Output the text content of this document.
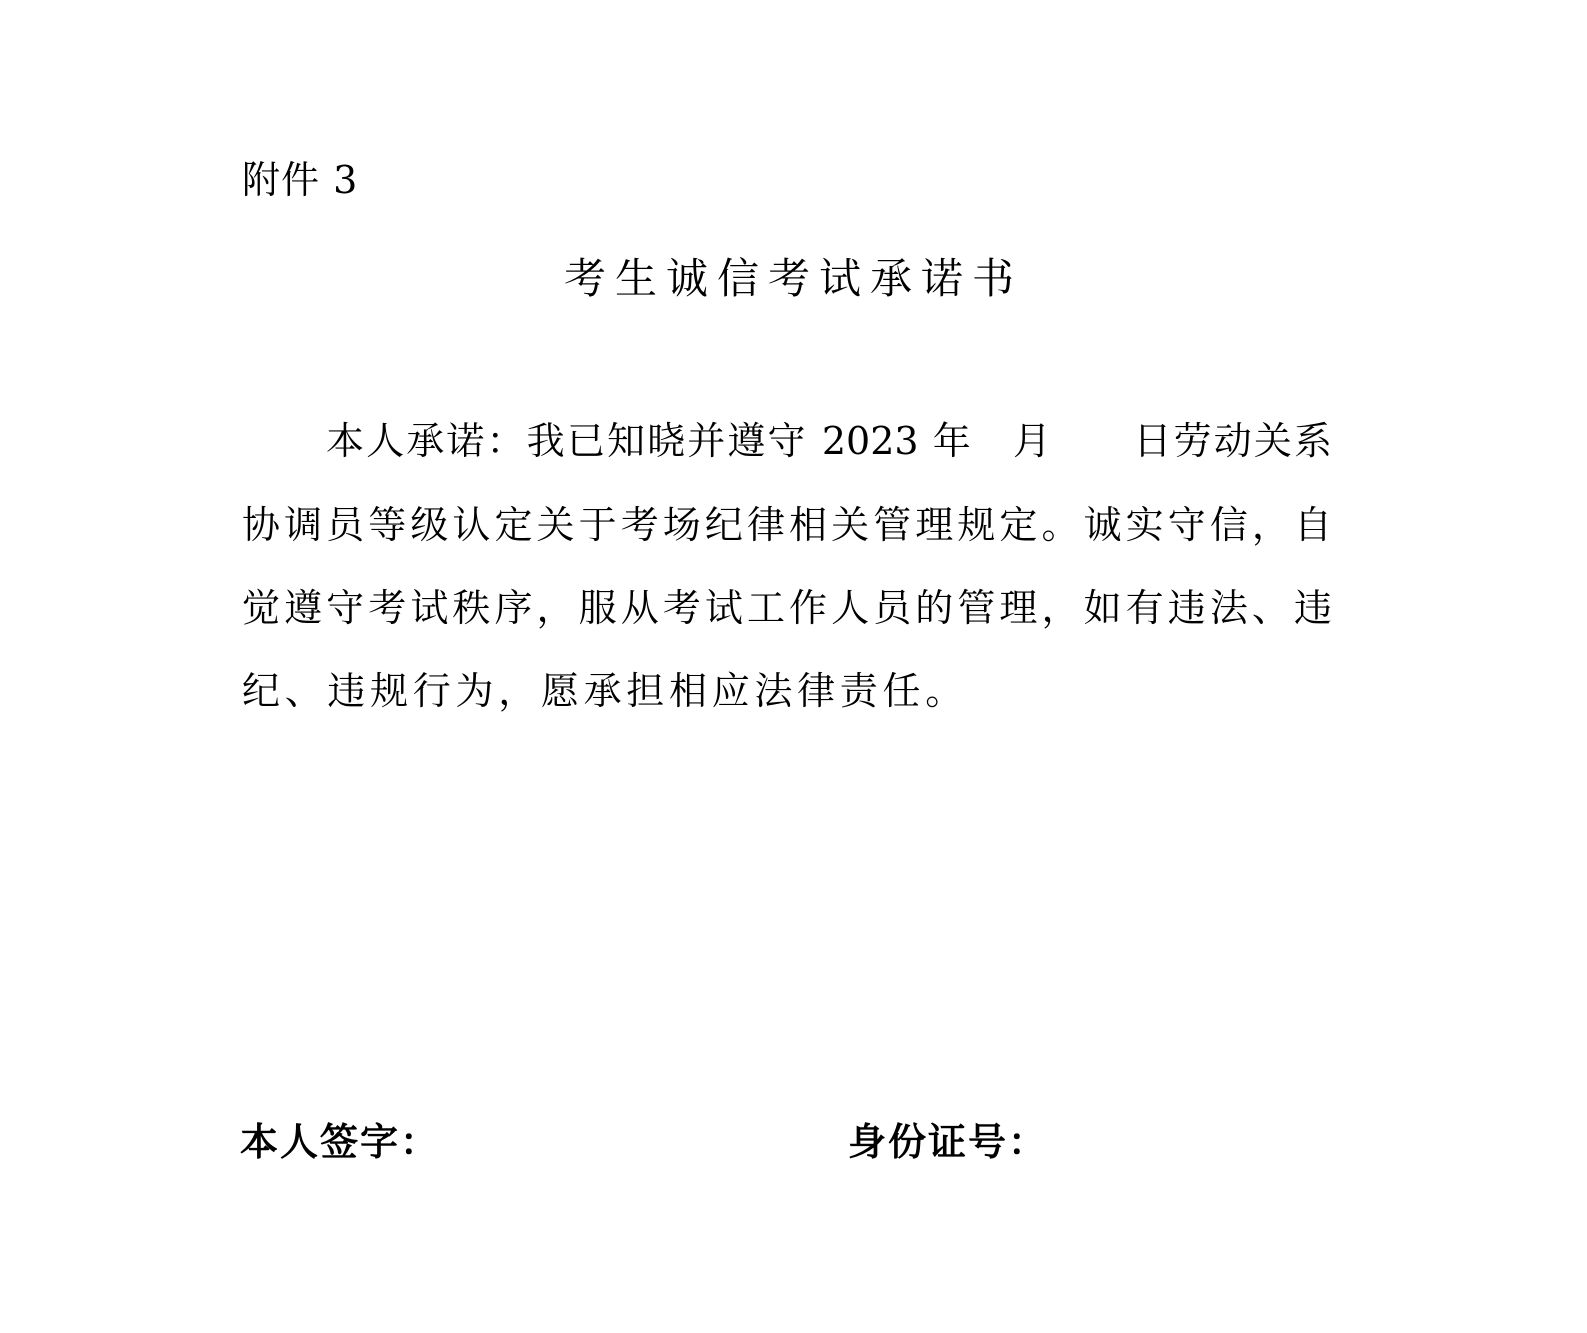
附件 3
考生诚信考试承诺书
本人承诺：我已知晓并遵守 2023 年　月　　日劳动关系
协调员等级认定关于考场纪律相关管理规定。诚实守信，自
觉遵守考试秩序，服从考试工作人员的管理，如有违法、违
纪、违规行为，愿承担相应法律责任。
本人签字：	身份证号：
